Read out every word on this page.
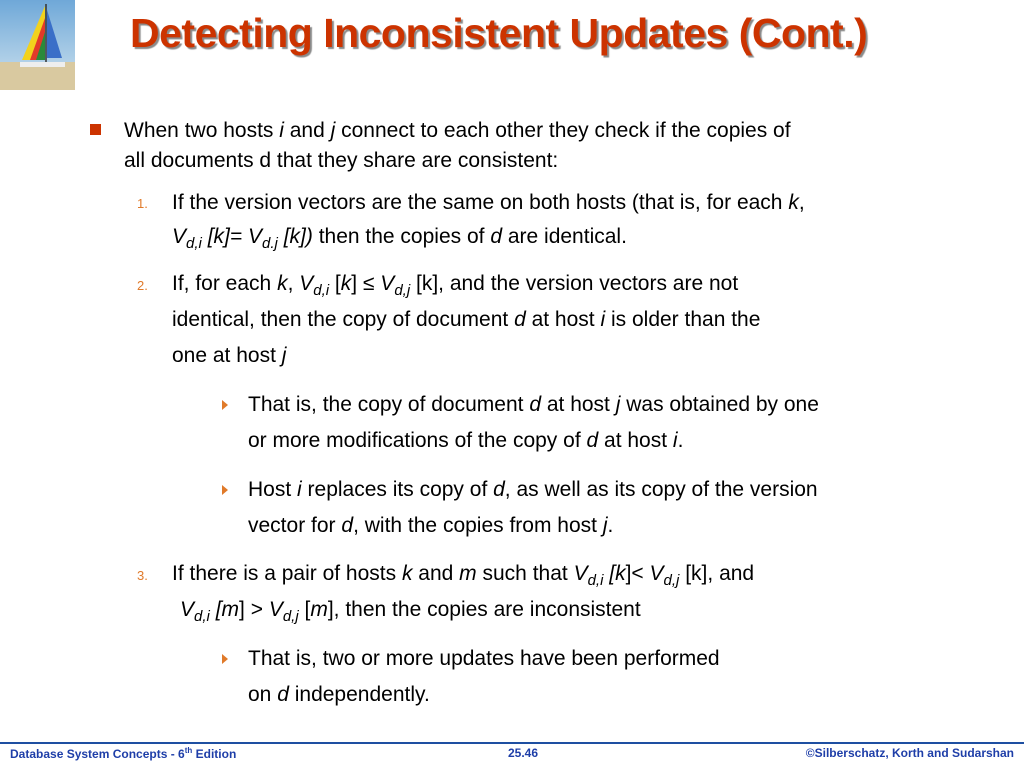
Detecting Inconsistent Updates (Cont.)
When two hosts i and j connect to each other they check if the copies of
all documents d that they share are consistent:
1. If the version vectors are the same on both hosts (that is, for each k,
$V_{d,i}$ $[k]= V_{d.j}$ [k]) then the copies of d are identical.
2. If, for each k, $V_{d,i}$ $[k] \le V_{d,j}$ [k], and the version vectors are not
identical, then the copy of document d at host i is older than the
one at host j
That is, the copy of document d at host j was obtained by one
or more modifications of the copy of d at host i.
Host i replaces its copy of d, as well as its copy of the version
vector for d, with the copies from host j.
3. If there is a pair of hosts k and m such that $V_{d,i}$ $[k]< V_{d,j}$ [k], and
$V_{d,i}$ $[m] > V_{d,j}$ [m], then the copies are inconsistent
That is, two or more updates have been performed
on d independently.
Database System Concepts - 6th Edition	25.46	©Silberschatz, Korth and Sudarshan
